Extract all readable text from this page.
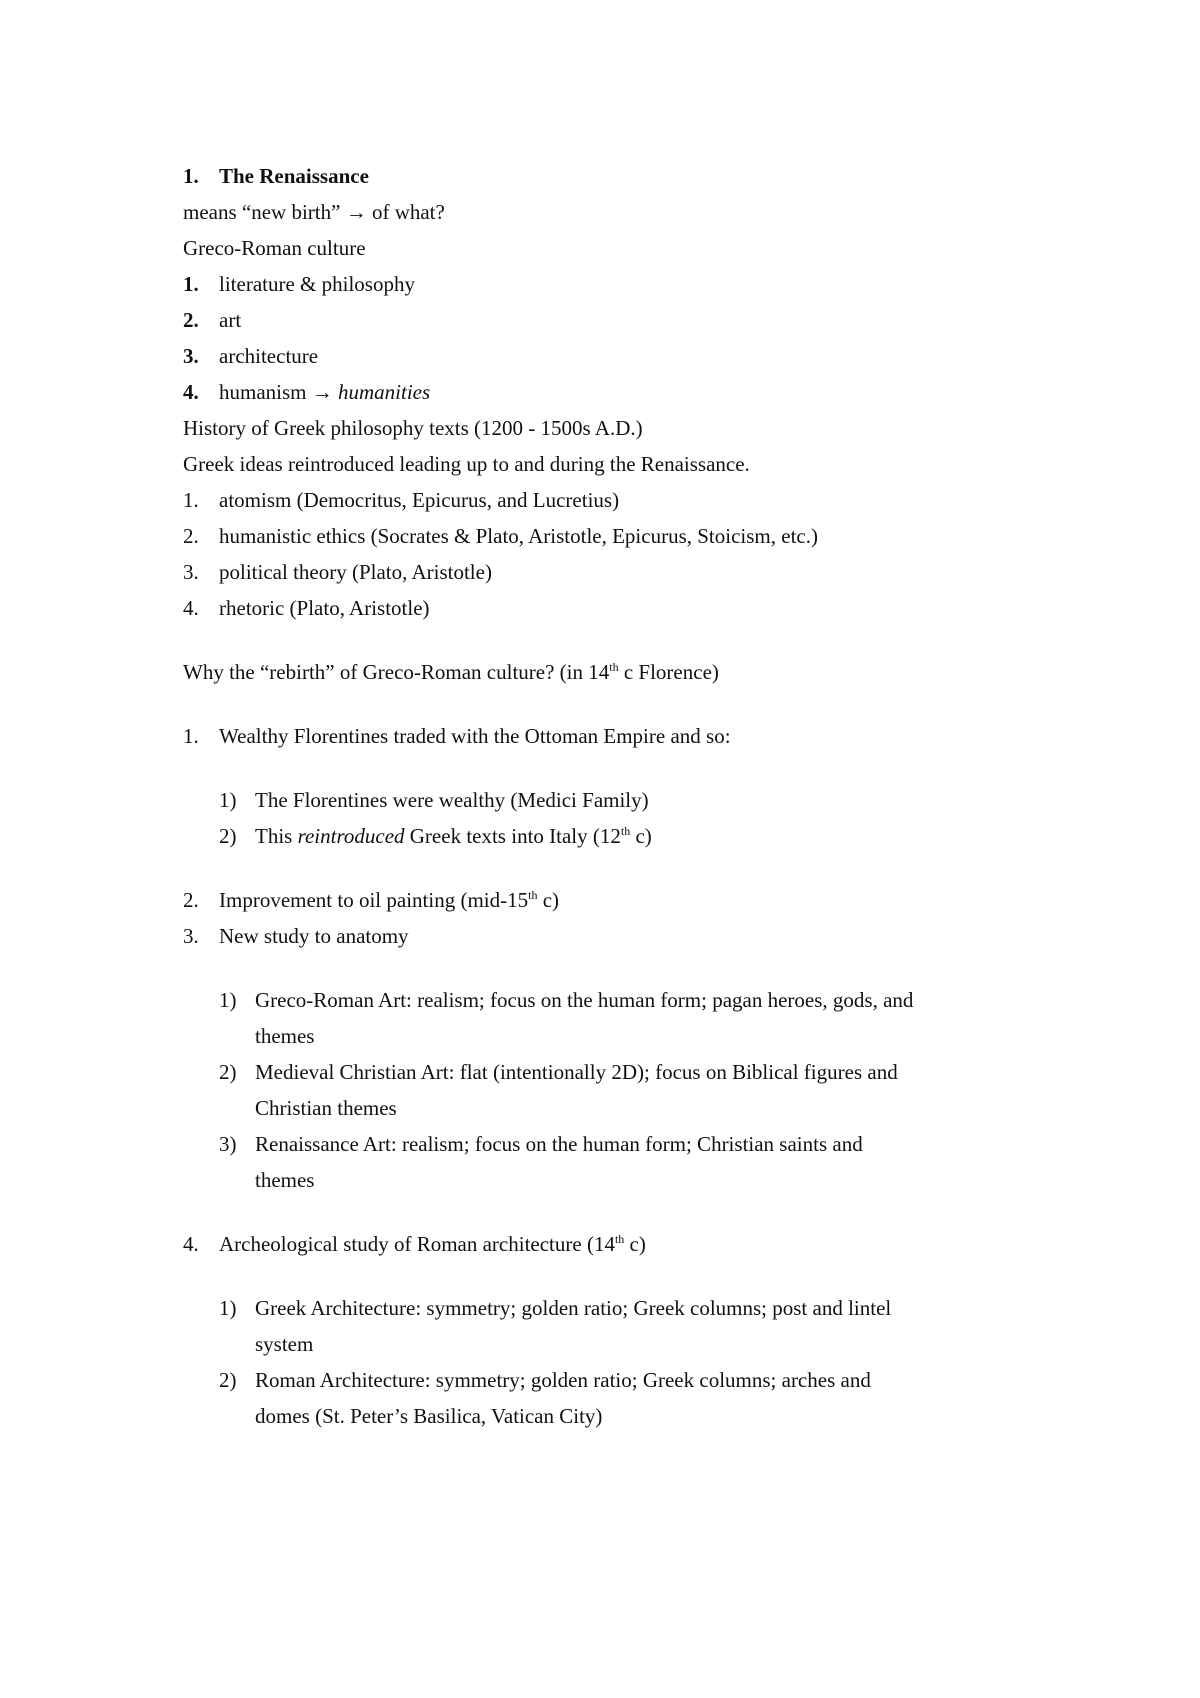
1. The Renaissance
means “new birth” → of what?
Greco-Roman culture
1. literature & philosophy
2. art
3. architecture
4. humanism → humanities
History of Greek philosophy texts (1200 - 1500s A.D.)
Greek ideas reintroduced leading up to and during the Renaissance.
1. atomism (Democritus, Epicurus, and Lucretius)
2. humanistic ethics (Socrates & Plato, Aristotle, Epicurus, Stoicism, etc.)
3. political theory (Plato, Aristotle)
4. rhetoric (Plato, Aristotle)
Why the “rebirth” of Greco-Roman culture? (in 14th c Florence)
1. Wealthy Florentines traded with the Ottoman Empire and so:
1) The Florentines were wealthy (Medici Family)
2) This reintroduced Greek texts into Italy (12th c)
2. Improvement to oil painting (mid-15th c)
3. New study to anatomy
1) Greco-Roman Art: realism; focus on the human form; pagan heroes, gods, and
themes
2) Medieval Christian Art: flat (intentionally 2D); focus on Biblical figures and
Christian themes
3) Renaissance Art: realism; focus on the human form; Christian saints and
themes
4. Archeological study of Roman architecture (14th c)
1) Greek Architecture: symmetry; golden ratio; Greek columns; post and lintel
system
2) Roman Architecture: symmetry; golden ratio; Greek columns; arches and
domes (St. Peter’s Basilica, Vatican City)
